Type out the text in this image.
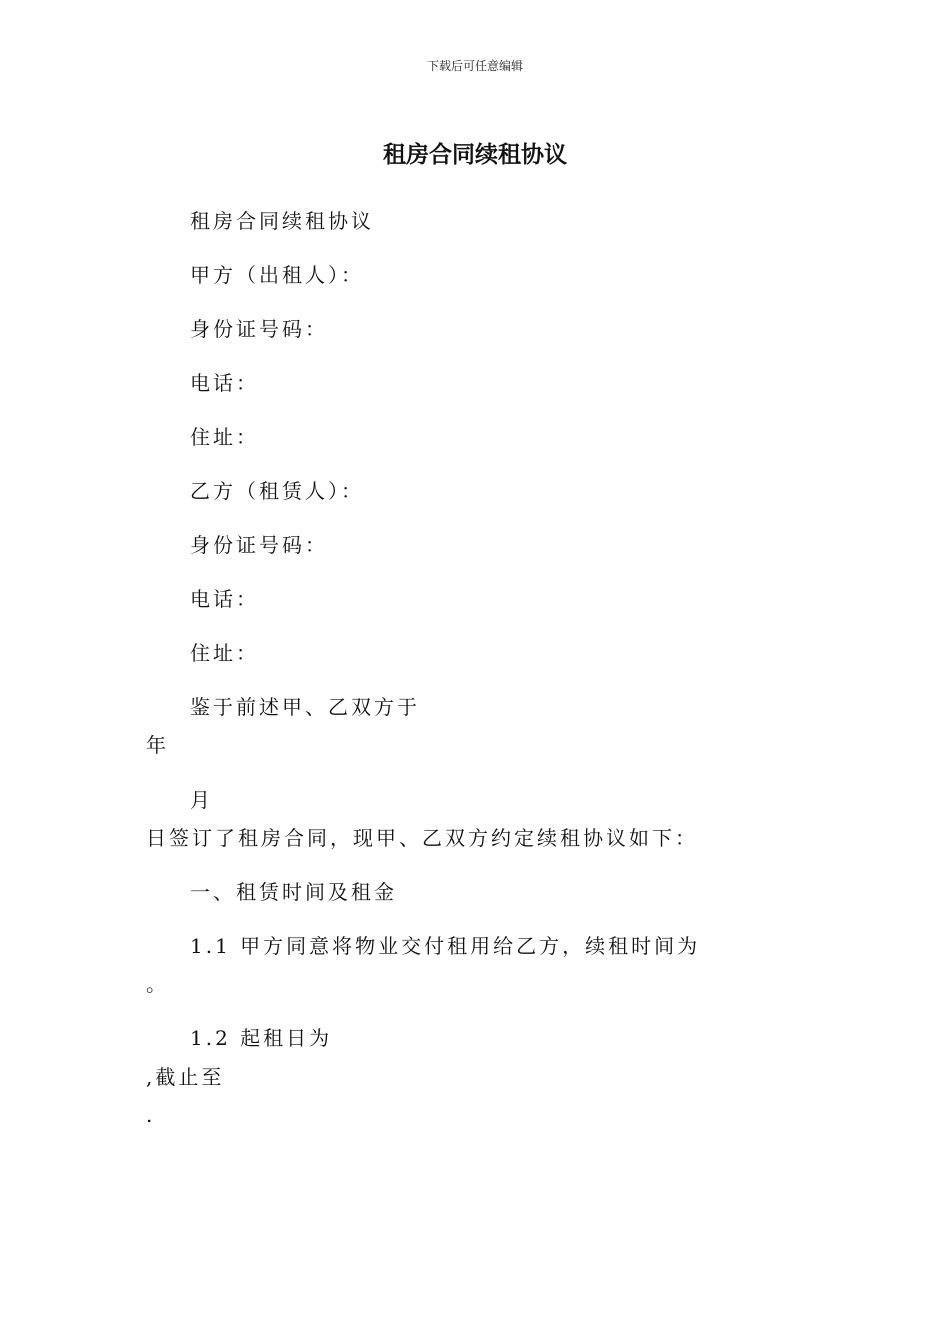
下载后可任意编辑
租房合同续租协议
租房合同续租协议
甲方（出租人）：
身份证号码：
电话：
住址：
乙方（租赁人）：
身份证号码：
电话：
住址：
鉴于前述甲、乙双方于
年
月
日签订了租房合同，现甲、乙双方约定续租协议如下：
一、租赁时间及租金
1.1 甲方同意将物业交付租用给乙方，续租时间为
。
1.2 起租日为
,截止至
.
